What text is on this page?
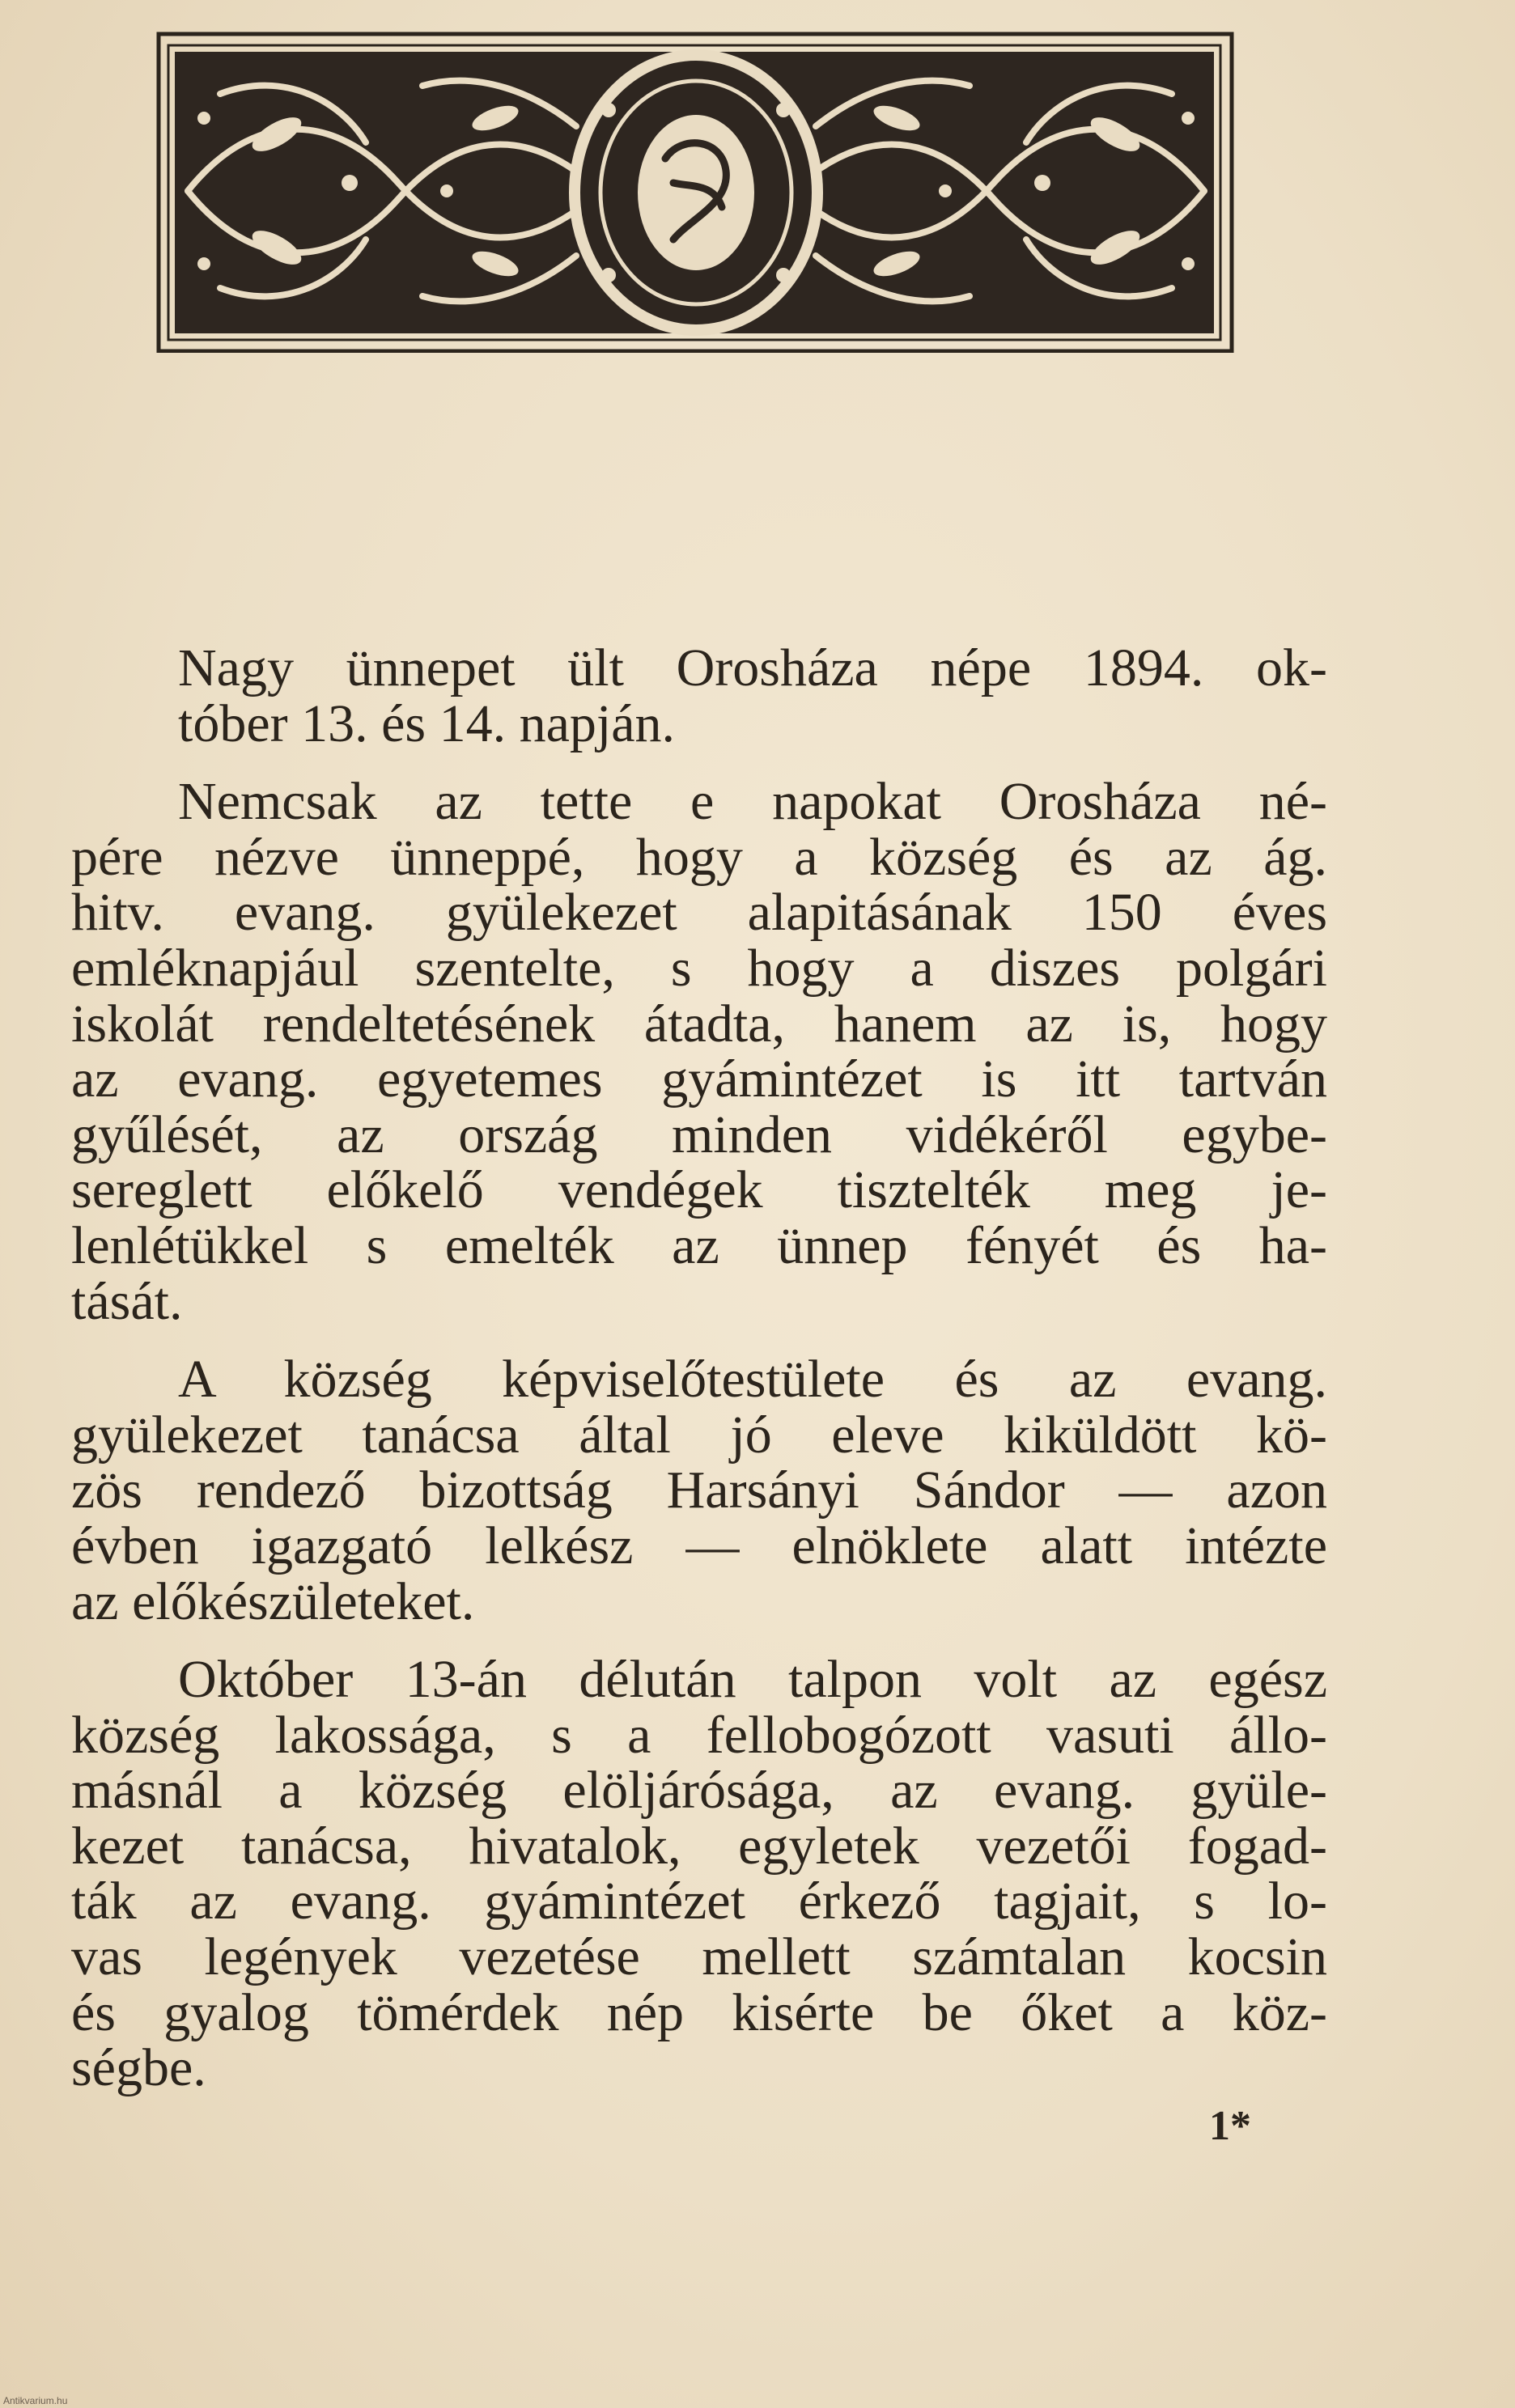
Nagy ünnepet ült Orosháza népe 1894. ok-
tóber 13. és 14. napján.

Nemcsak az tette e napokat Orosháza né-
pére nézve ünneppé, hogy a község és az ág.
hitv. evang. gyülekezet alapitásának 150 éves
emléknapjául szentelte, s hogy a diszes polgári
iskolát rendeltetésének átadta, hanem az is, hogy
az evang. egyetemes gyámintézet is itt tartván
gyűlését, az ország minden vidékéről egybe-
sereglett előkelő vendégek tisztelték meg je-
lenlétükkel s emelték az ünnep fényét és ha-
tását.

A község képviselőtestülete és az evang.
gyülekezet tanácsa által jó eleve kiküldött kö-
zös rendező bizottság Harsányi Sándor — azon
évben igazgató lelkész — elnöklete alatt intézte
az előkészületeket.

Október 13-án délután talpon volt az egész
község lakossága, s a fellobogózott vasuti állo-
másnál a község elöljárósága, az evang. gyüle-
kezet tanácsa, hivatalok, egyletek vezetői fogad-
ták az evang. gyámintézet érkező tagjait, s lo-
vas legények vezetése mellett számtalan kocsin
és gyalog tömérdek nép kisérte be őket a köz-
ségbe.

1*
Antikvarium.hu
